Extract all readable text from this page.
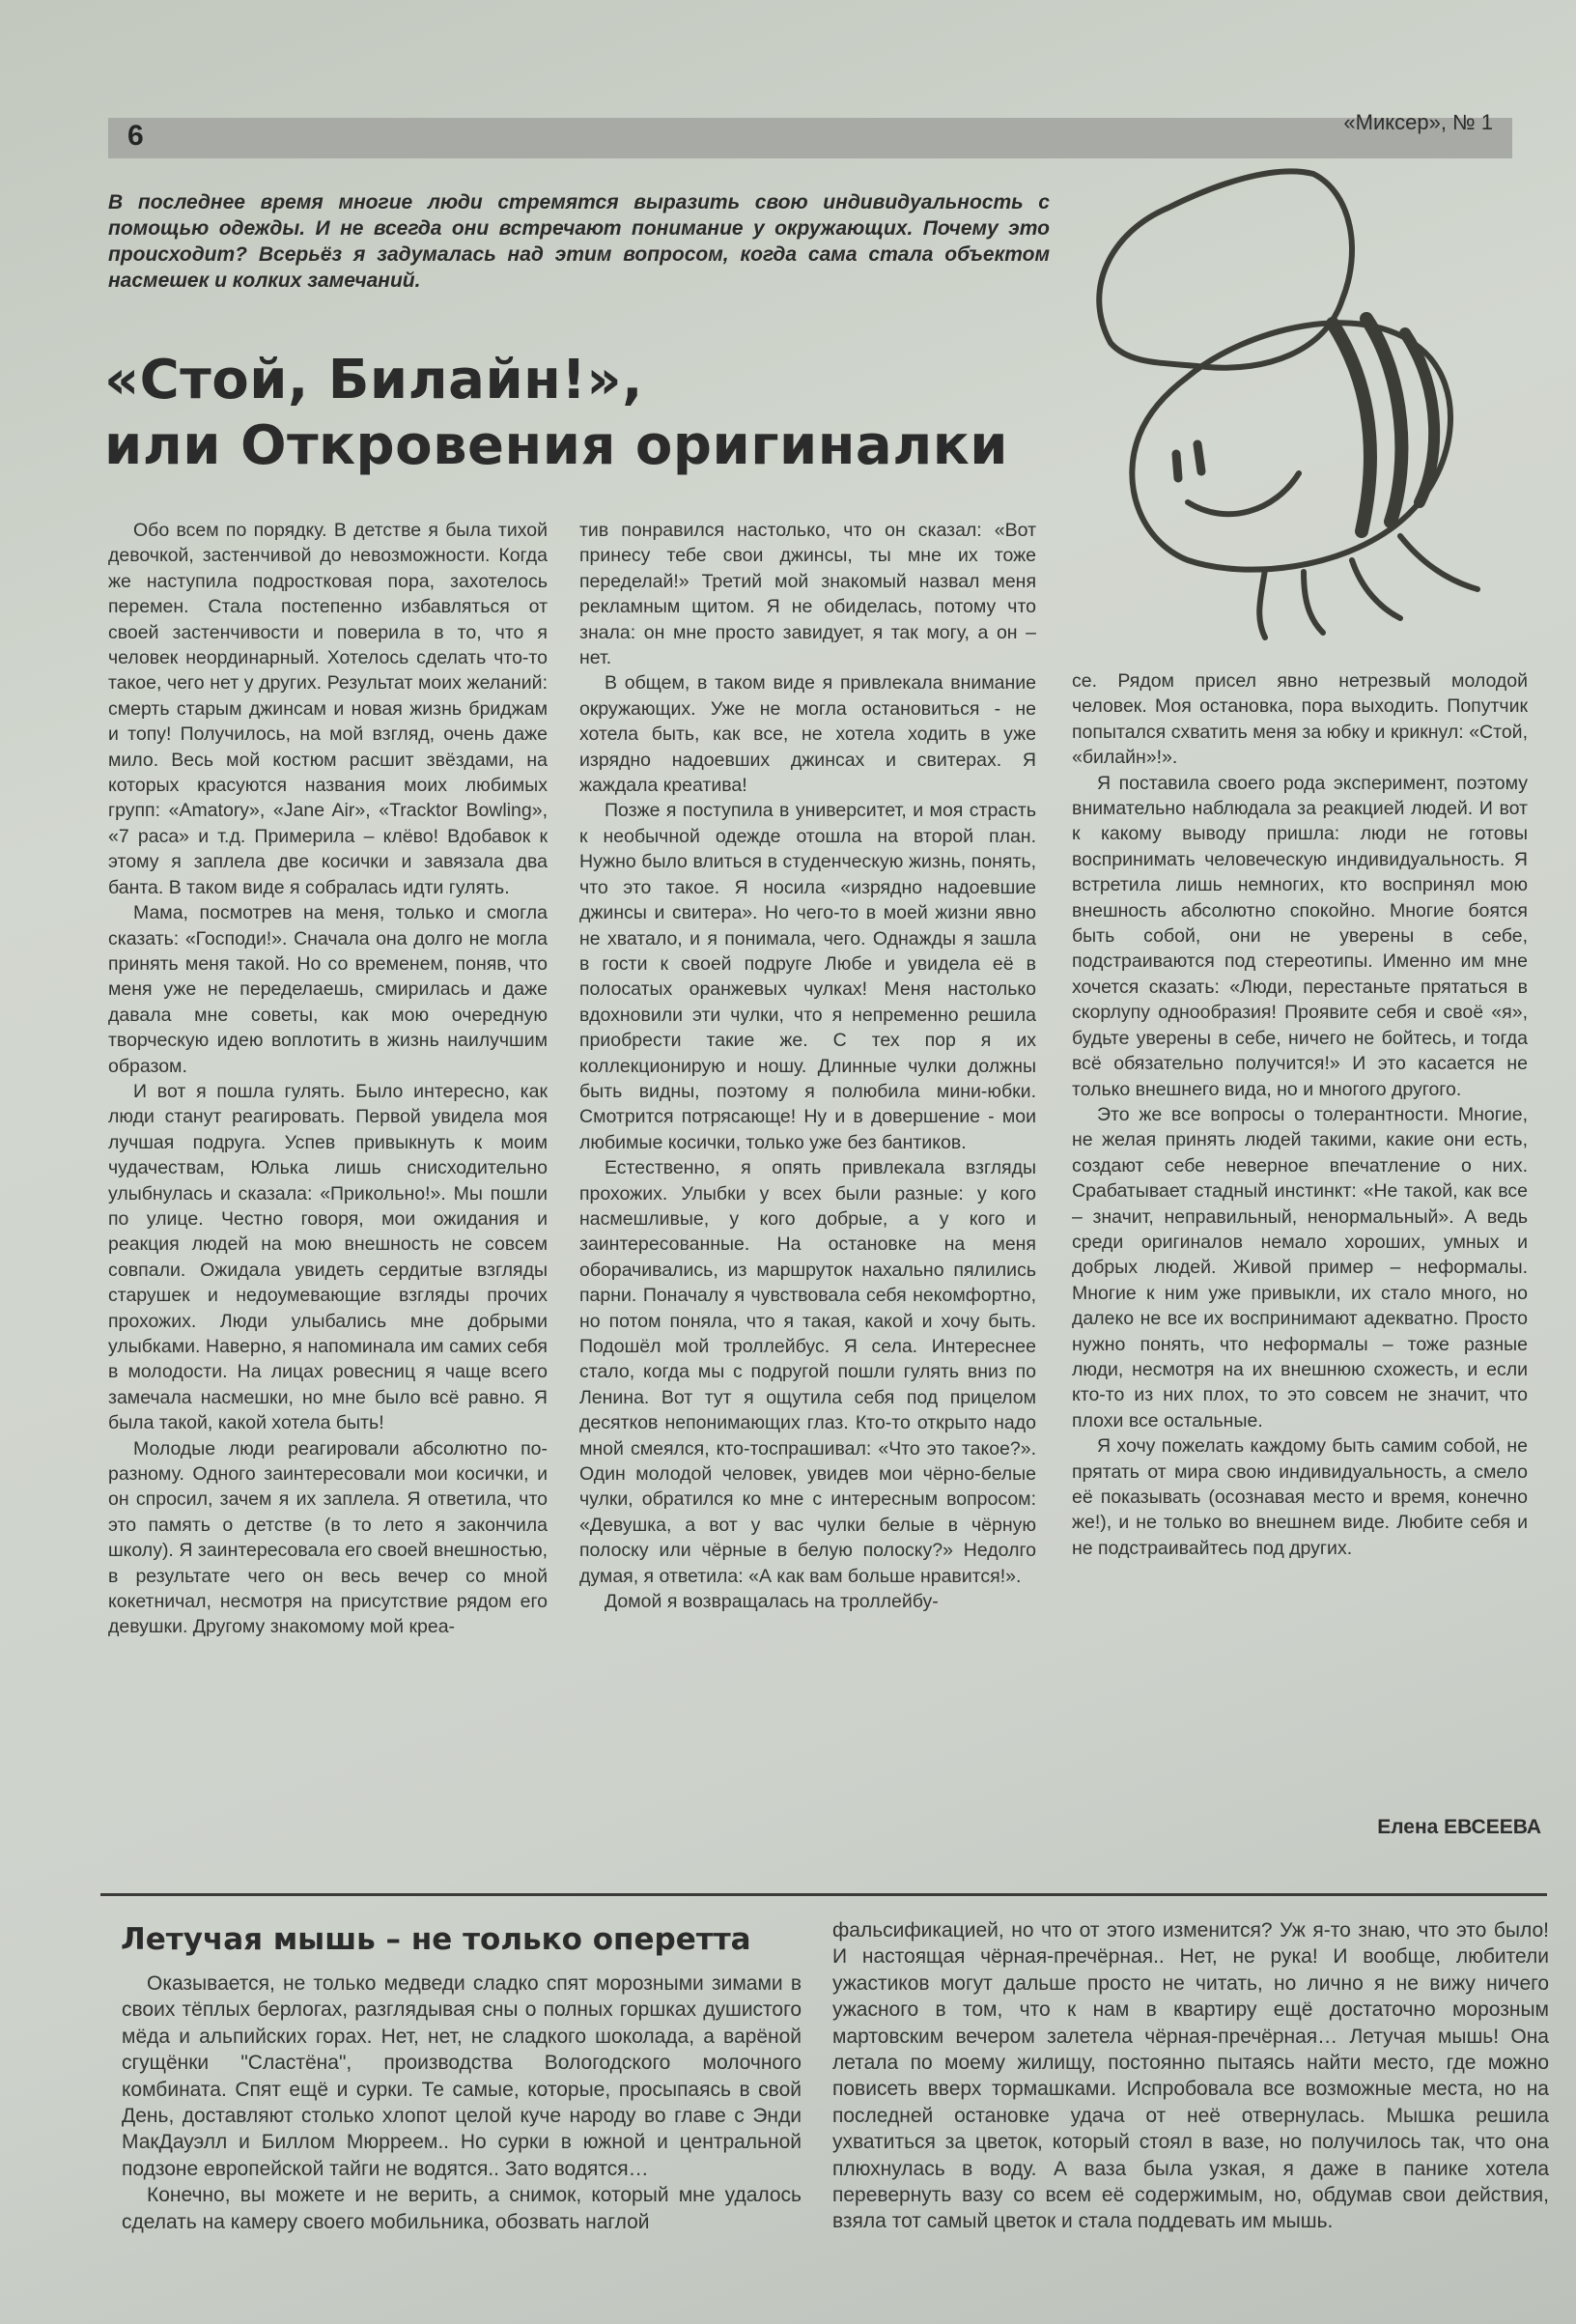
6	«Миксер», № 1
В последнее время многие люди стремятся выразить свою индивидуальность с помощью одежды. И не всегда они встречают понимание у окружающих. Почему это происходит? Всерьёз я задумалась над этим вопросом, когда сама стала объектом насмешек и колких замечаний.
«Стой, Билайн!»,
или Откровения оригиналки

Обо всем по порядку. В детстве я была тихой девочкой, застенчивой до невозможности. Когда же наступила подростковая пора, захотелось перемен. Стала постепенно избавляться от своей застенчивости и поверила в то, что я человек неординарный. Хотелось сделать что-то такое, чего нет у других. Результат моих желаний: смерть старым джинсам и новая жизнь бриджам и топу! Получилось, на мой взгляд, очень даже мило. Весь мой костюм расшит звёздами, на которых красуются названия моих любимых групп: «Amatory», «Jane Air», «Tracktor Bowling», «7 раса» и т.д. Примерила – клёво! Вдобавок к этому я заплела две косички и завязала два банта. В таком виде я собралась идти гулять.

Мама, посмотрев на меня, только и смогла сказать: «Господи!». Сначала она долго не могла принять меня такой. Но со временем, поняв, что меня уже не переделаешь, смирилась и даже давала мне советы, как мою очередную творческую идею воплотить в жизнь наилучшим образом.

И вот я пошла гулять. Было интересно, как люди станут реагировать. Первой увидела моя лучшая подруга. Успев привыкнуть к моим чудачествам, Юлька лишь снисходительно улыбнулась и сказала: «Прикольно!». Мы пошли по улице. Честно говоря, мои ожидания и реакция людей на мою внешность не совсем совпали. Ожидала увидеть сердитые взгляды старушек и недоумевающие взгляды прочих прохожих. Люди улыбались мне добрыми улыбками. Наверно, я напоминала им самих себя в молодости. На лицах ровесниц я чаще всего замечала насмешки, но мне было всё равно. Я была такой, какой хотела быть!

Молодые люди реагировали абсолютно по-разному. Одного заинтересовали мои косички, и он спросил, зачем я их заплела. Я ответила, что это память о детстве (в то лето я закончила школу). Я заинтересовала его своей внешностью, в результате чего он весь вечер со мной кокетничал, несмотря на присутствие рядом его девушки. Другому знакомому мой креа-

тив понравился настолько, что он сказал: «Вот принесу тебе свои джинсы, ты мне их тоже переделай!» Третий мой знакомый назвал меня рекламным щитом. Я не обиделась, потому что знала: он мне просто завидует, я так могу, а он – нет.

В общем, в таком виде я привлекала внимание окружающих. Уже не могла остановиться - не хотела быть, как все, не хотела ходить в уже изрядно надоевших джинсах и свитерах. Я жаждала креатива!

Позже я поступила в университет, и моя страсть к необычной одежде отошла на второй план. Нужно было влиться в студенческую жизнь, понять, что это такое. Я носила «изрядно надоевшие джинсы и свитера». Но чего-то в моей жизни явно не хватало, и я понимала, чего. Однажды я зашла в гости к своей подруге Любе и увидела её в полосатых оранжевых чулках! Меня настолько вдохновили эти чулки, что я непременно решила приобрести такие же. С тех пор я их коллекционирую и ношу. Длинные чулки должны быть видны, поэтому я полюбила мини-юбки. Смотрится потрясающе! Ну и в довершение - мои любимые косички, только уже без бантиков.

Естественно, я опять привлекала взгляды прохожих. Улыбки у всех были разные: у кого насмешливые, у кого добрые, а у кого и заинтересованные. На остановке на меня оборачивались, из маршруток нахально пялились парни. Поначалу я чувствовала себя некомфортно, но потом поняла, что я такая, какой и хочу быть. Подошёл мой троллейбус. Я села. Интереснее стало, когда мы с подругой пошли гулять вниз по Ленина. Вот тут я ощутила себя под прицелом десятков непонимающих глаз. Кто-то открыто надо мной смеялся, кто-тоспрашивал: «Что это такое?». Один молодой человек, увидев мои чёрно-белые чулки, обратился ко мне с интересным вопросом: «Девушка, а вот у вас чулки белые в чёрную полоску или чёрные в белую полоску?» Недолго думая, я ответила: «А как вам больше нравится!».

Домой я возвращалась на троллейбу-

се. Рядом присел явно нетрезвый молодой человек. Моя остановка, пора выходить. Попутчик попытался схватить меня за юбку и крикнул: «Стой, «билайн»!».

Я поставила своего рода эксперимент, поэтому внимательно наблюдала за реакцией людей. И вот к какому выводу пришла: люди не готовы воспринимать человеческую индивидуальность. Я встретила лишь немногих, кто воспринял мою внешность абсолютно спокойно. Многие боятся быть собой, они не уверены в себе, подстраиваются под стереотипы. Именно им мне хочется сказать: «Люди, перестаньте прятаться в скорлупу однообразия! Проявите себя и своё «я», будьте уверены в себе, ничего не бойтесь, и тогда всё обязательно получится!» И это касается не только внешнего вида, но и многого другого.

Это же все вопросы о толерантности. Многие, не желая принять людей такими, какие они есть, создают себе неверное впечатление о них. Срабатывает стадный инстинкт: «Не такой, как все – значит, неправильный, ненормальный». А ведь среди оригиналов немало хороших, умных и добрых людей. Живой пример – неформалы. Многие к ним уже привыкли, их стало много, но далеко не все их воспринимают адекватно. Просто нужно понять, что неформалы – тоже разные люди, несмотря на их внешнюю схожесть, и если кто-то из них плох, то это совсем не значит, что плохи все остальные.

Я хочу пожелать каждому быть самим собой, не прятать от мира свою индивидуальность, а смело её показывать (осознавая место и время, конечно же!), и не только во внешнем виде. Любите себя и не подстраивайтесь под других.

Елена ЕВСЕЕВА
Летучая мышь – не только оперетта

Оказывается, не только медведи сладко спят морозными зимами в своих тёплых берлогах, разглядывая сны о полных горшках душистого мёда и альпийских горах. Нет, нет, не сладкого шоколада, а варёной сгущёнки "Сластёна", производства Вологодского молочного комбината. Спят ещё и сурки. Те самые, которые, просыпаясь в свой День, доставляют столько хлопот целой куче народу во главе с Энди МакДауэлл и Биллом Мюрреем.. Но сурки в южной и центральной подзоне европейской тайги не водятся.. Зато водятся…

Конечно, вы можете и не верить, а снимок, который мне удалось сделать на камеру своего мобильника, обозвать наглой

фальсификацией, но что от этого изменится? Уж я-то знаю, что это было! И настоящая чёрная-пречёрная.. Нет, не рука! И вообще, любители ужастиков могут дальше просто не читать, но лично я не вижу ничего ужасного в том, что к нам в квартиру ещё достаточно морозным мартовским вечером залетела чёрная-пречёрная… Летучая мышь! Она летала по моему жилищу, постоянно пытаясь найти место, где можно повисеть вверх тормашками. Испробовала все возможные места, но на последней остановке удача от неё отвернулась. Мышка решила ухватиться за цветок, который стоял в вазе, но получилось так, что она плюхнулась в воду. А ваза была узкая, я даже в панике хотела перевернуть вазу со всем её содержимым, но, обдумав свои действия, взяла тот самый цветок и стала поддевать им мышь.
